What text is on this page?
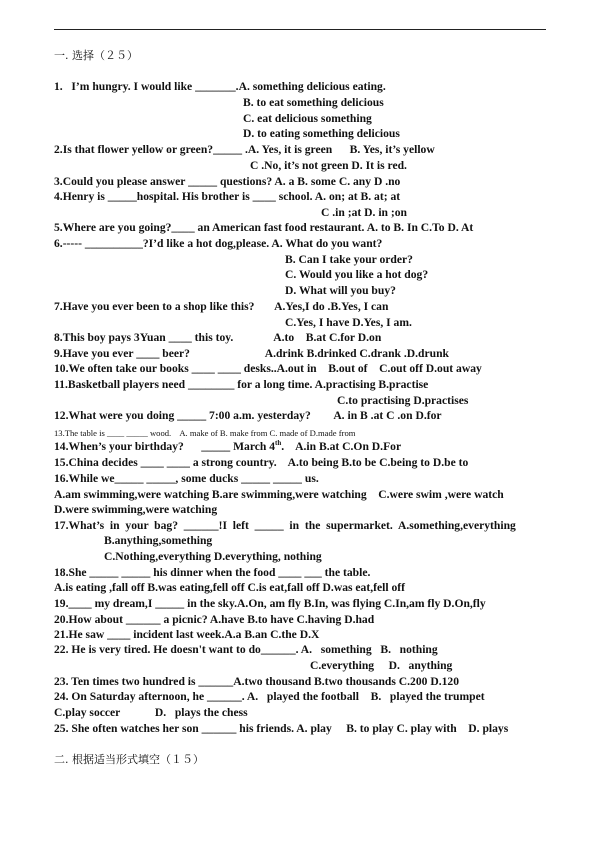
一. 选择（２５）
1.   I’m hungry. I would like _______.A. something delicious eating.
B. to eat something delicious
C. eat delicious something
D. to eating something delicious
2.Is that flower yellow or green?_____ .A. Yes, it is green      B. Yes, it’s yellow
C .No, it’s not green D. It is red.
3.Could you please answer _____ questions? A. a B. some C. any D .no
4.Henry is _____hospital. His brother is ____ school. A. on; at B. at; at
C .in ;at D. in ;on
5.Where are you going?____ an American fast food restaurant. A. to B. In C.To D. At
6.----- __________?I’d like a hot dog,please. A. What do you want?
B. Can I take your order?
C. Would you like a hot dog?
D. What will you buy?
7.Have you ever been to a shop like this?       A.Yes,I do .B.Yes, I can
C.Yes, I have D.Yes, I am.
8.This boy pays 3Yuan ____ this toy.              A.to    B.at C.for D.on
9.Have you ever ____ beer?                          A.drink B.drinked C.drank .D.drunk
10.We often take our books ____ ____ desks..A.out in    B.out of    C.out off D.out away
11.Basketball players need ________ for a long time. A.practising B.practise
C.to practising D.practises
12.What were you doing _____ 7:00 a.m. yesterday?        A. in B .at C .on D.for
13.The table is ____ _____ wood.    A. make of B. make from C. made of D.made from
14.When’s your birthday?      _____ March 4th.    A.in B.at C.On D.For
15.China decides ____ ____ a strong country.    A.to being B.to be C.being to D.be to
16.While we_____ _____, some ducks _____ _____ us.
A.am swimming,were watching B.are swimming,were watching    C.were swim ,were watch
D.were swimming,were watching
17.What’s  in  your  bag?  ______!I  left  _____  in  the  supermarket.  A.something,everything
B.anything,something
C.Nothing,everything D.everything, nothing
18.She _____ _____ his dinner when the food ____ ___ the table.
A.is eating ,fall off B.was eating,fell off C.is eat,fall off D.was eat,fell off
19.____ my dream,I _____ in the sky.A.On, am fly B.In, was flying C.In,am fly D.On,fly
20.How about ______ a picnic? A.have B.to have C.having D.had
21.He saw ____ incident last week.A.a B.an C.the D.X
22. He is very tired. He doesn't want to do______. A.   something   B.   nothing
C.everything     D.   anything
23. Ten times two hundred is ______A.two thousand B.two thousands C.200 D.120
24. On Saturday afternoon, he ______. A.   played the football    B.   played the trumpet
C.play soccer            D.   plays the chess
25. She often watches her son ______ his friends. A. play     B. to play C. play with    D. plays
二. 根据适当形式填空（１５）
